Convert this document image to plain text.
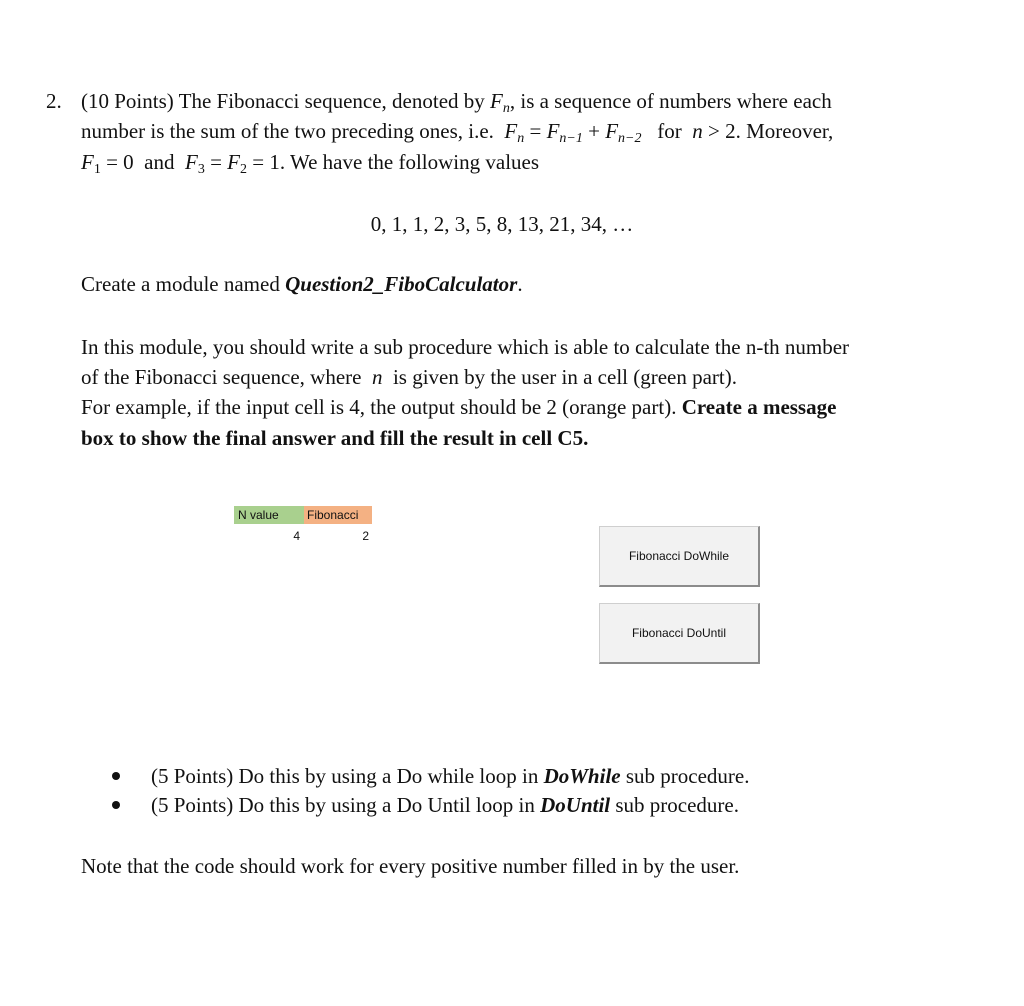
2. (10 Points) The Fibonacci sequence, denoted by $F_n$, is a sequence of numbers where each
number is the sum of the two preceding ones, i.e. $F_n = F_{n-1} + F_{n-2}$ for n > 2. Moreover,
$F_1 = 0$ and $F_3 = F_2 = 1$. We have the following values
0, 1, 1, 2, 3, 5, 8, 13, 21, 34, …
Create a module named Question2_FiboCalculator.
In this module, you should write a sub procedure which is able to calculate the n-th number
of the Fibonacci sequence, where n is given by the user in a cell (green part).
For example, if the input cell is 4, the output should be 2 (orange part). Create a message
box to show the final answer and fill the result in cell C5.
N value	Fibonacci
4	2
Fibonacci DoWhile
Fibonacci DoUntil
(5 Points) Do this by using a Do while loop in DoWhile sub procedure.
(5 Points) Do this by using a Do Until loop in DoUntil sub procedure.
Note that the code should work for every positive number filled in by the user.
